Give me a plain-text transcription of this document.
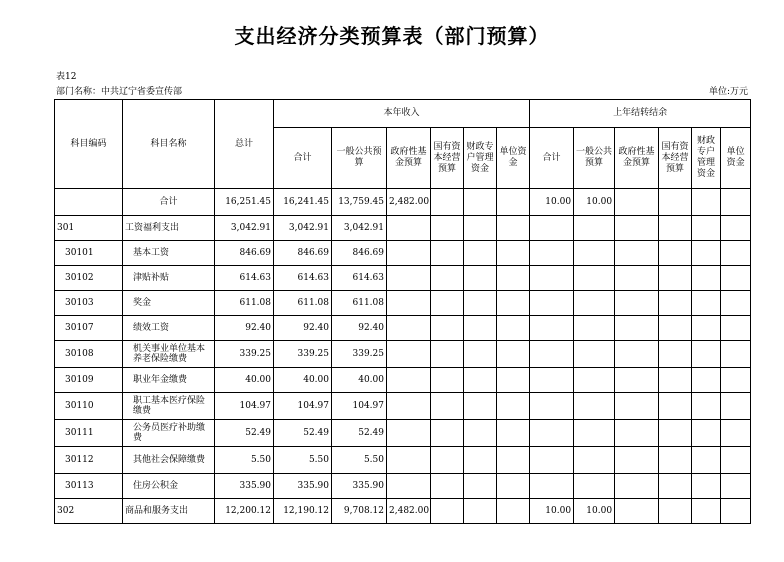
支出经济分类预算表（部门预算）
表12
部门名称：中共辽宁省委宣传部	单位:万元
科目编码	科目名称	总计	本年收入						上年结转结余					
			合计	一般公共预算	政府性基金预算	国有资本经营预算	财政专户管理资金	单位资金	合计	一般公共预算	政府性基金预算	国有资本经营预算	财政专户管理资金	单位资金
	合计	16,251.45	16,241.45	13,759.45	2,482.00				10.00	10.00				
301	工资福利支出	3,042.91	3,042.91	3,042.91										
30101	基本工资	846.69	846.69	846.69										
30102	津贴补贴	614.63	614.63	614.63										
30103	奖金	611.08	611.08	611.08										
30107	绩效工资	92.40	92.40	92.40										
30108	机关事业单位基本养老保险缴费	339.25	339.25	339.25										
30109	职业年金缴费	40.00	40.00	40.00										
30110	职工基本医疗保险缴费	104.97	104.97	104.97										
30111	公务员医疗补助缴费	52.49	52.49	52.49										
30112	其他社会保障缴费	5.50	5.50	5.50										
30113	住房公积金	335.90	335.90	335.90										
302	商品和服务支出	12,200.12	12,190.12	9,708.12	2,482.00				10.00	10.00				
